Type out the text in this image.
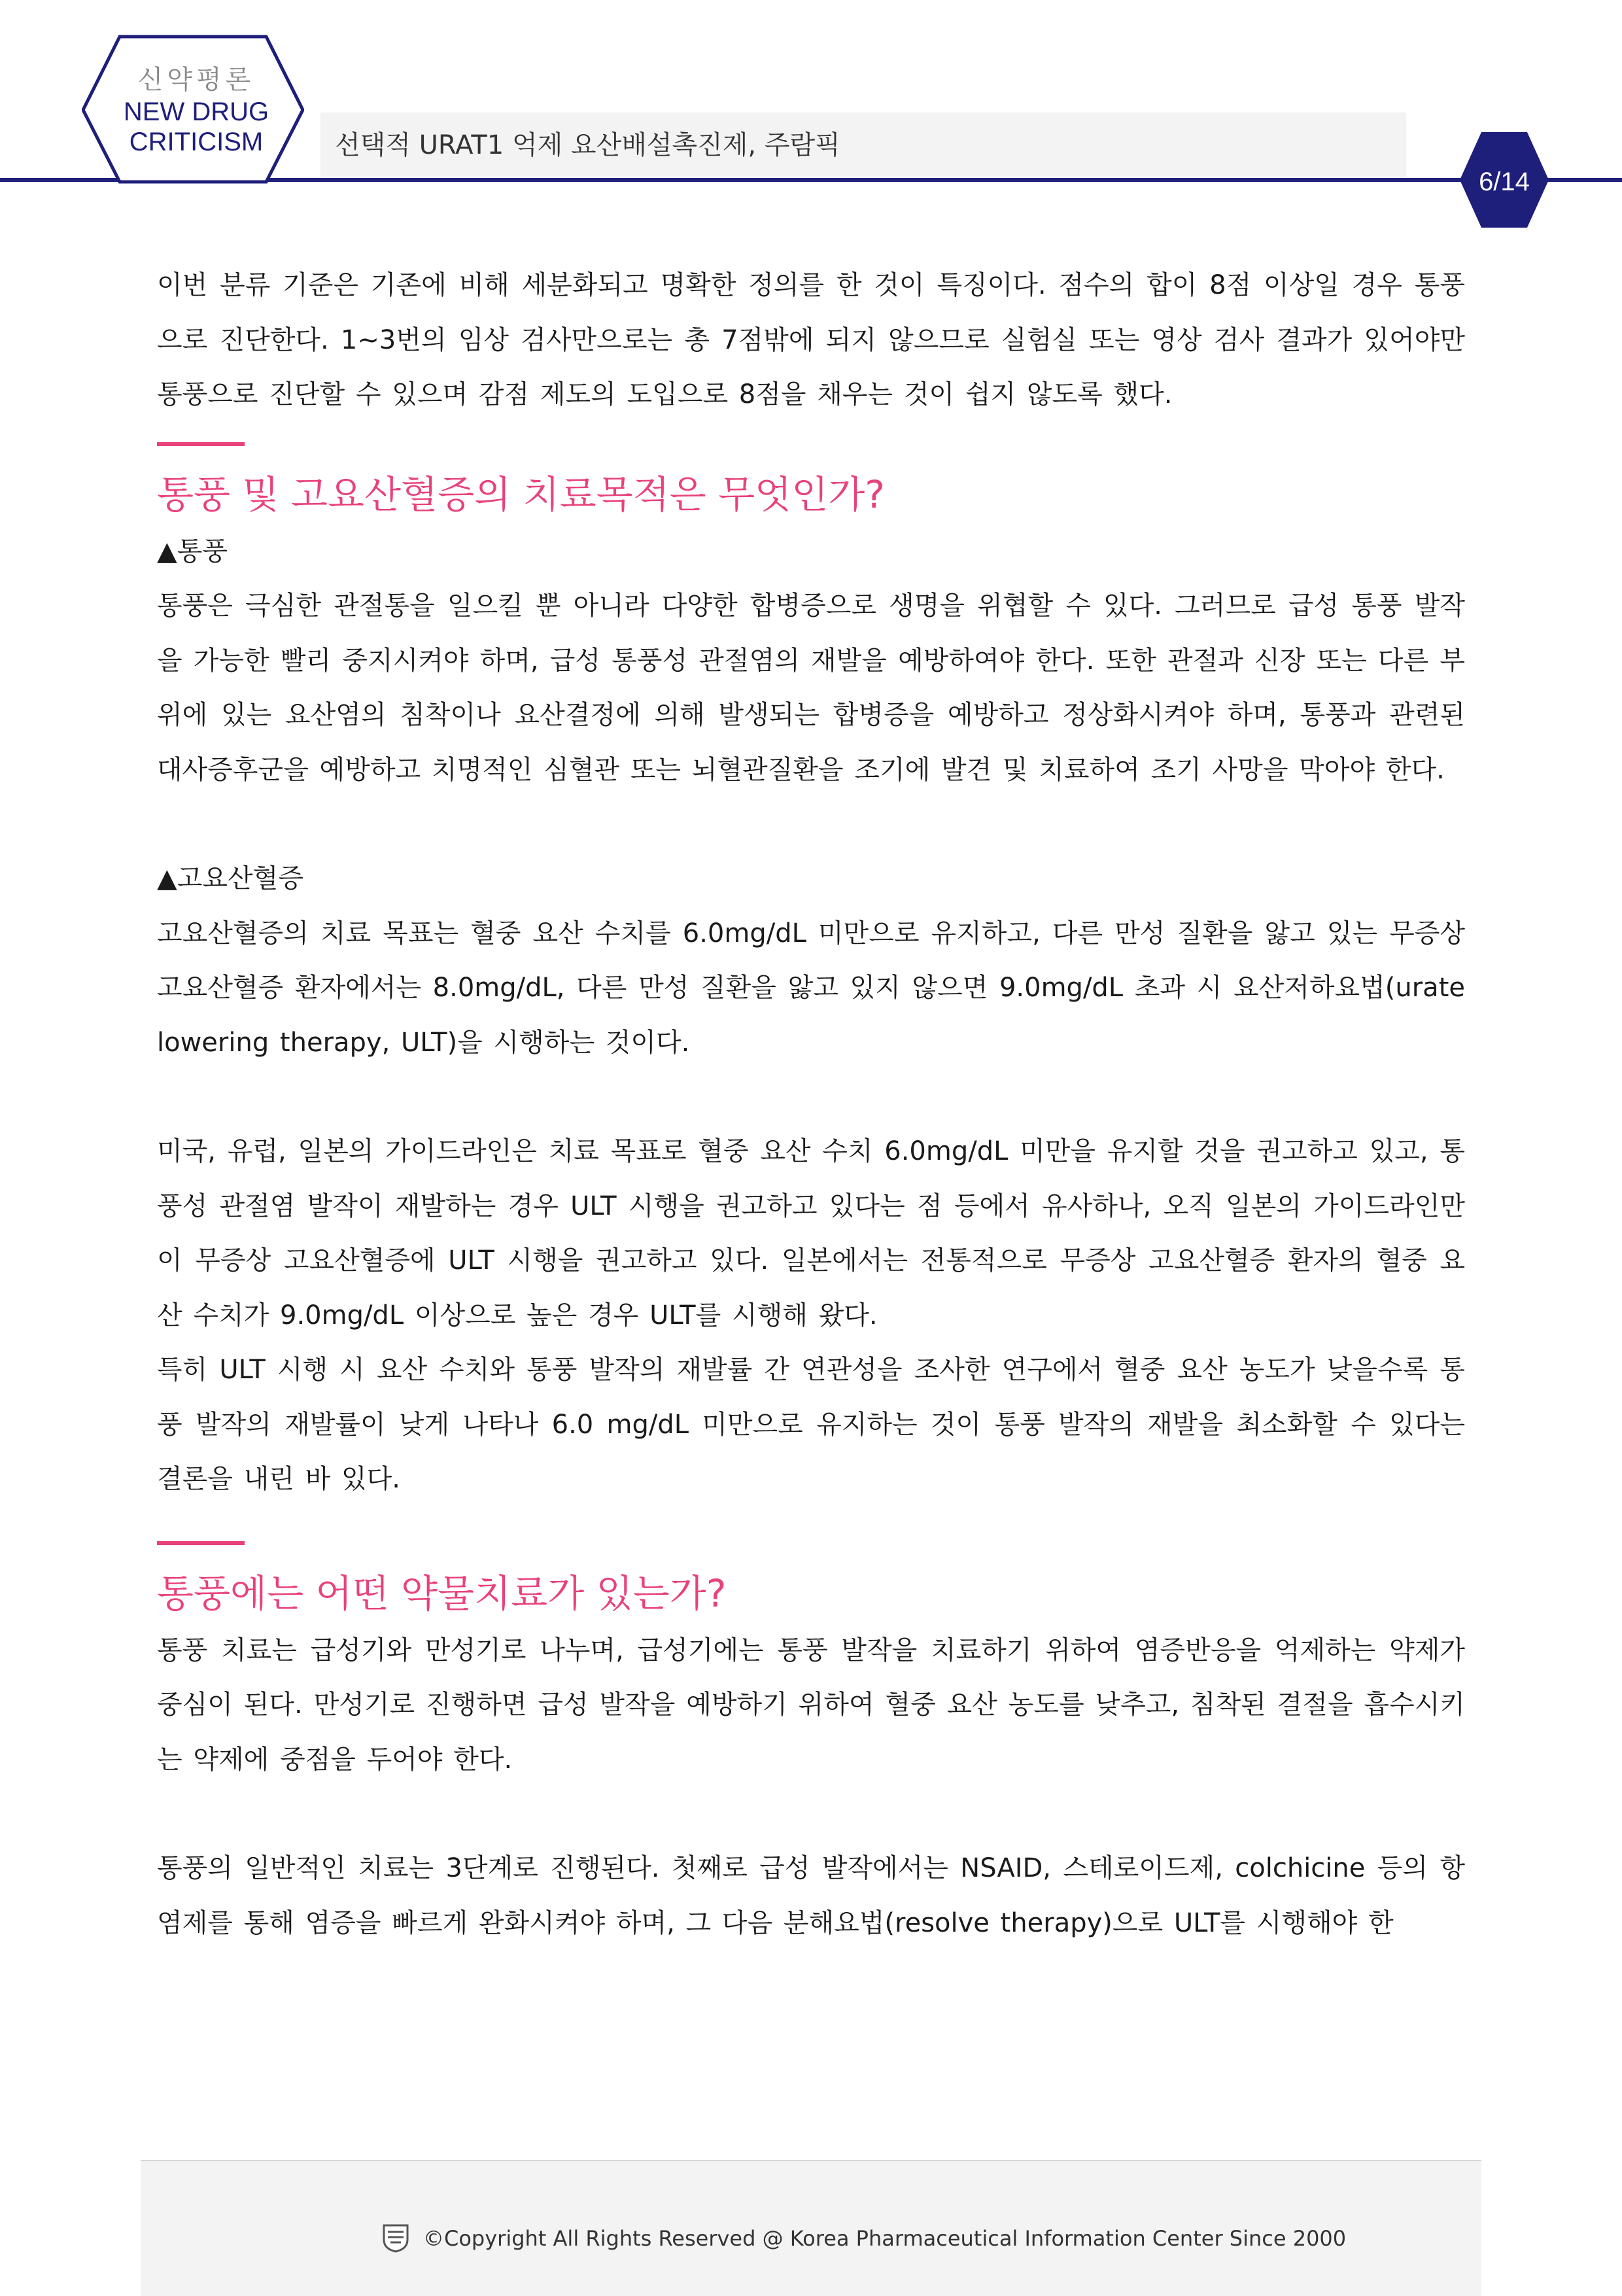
신약평론
NEW DRUG
CRITICISM	선택적 URAT1 억제 요산배설촉진제, 주람픽
6/14

이번 분류 기준은 기존에 비해 세분화되고 명확한 정의를 한 것이 특징이다. 점수의 합이 8점 이상일 경우 통풍으로 진단한다. 1~3번의 임상 검사만으로는 총 7점밖에 되지 않으므로 실험실 또는 영상 검사 결과가 있어야만 통풍으로 진단할 수 있으며 감점 제도의 도입으로 8점을 채우는 것이 쉽지 않도록 했다.

통풍 및 고요산혈증의 치료목적은 무엇인가?

▲통풍

통풍은 극심한 관절통을 일으킬 뿐 아니라 다양한 합병증으로 생명을 위협할 수 있다. 그러므로 급성 통풍 발작을 가능한 빨리 중지시켜야 하며, 급성 통풍성 관절염의 재발을 예방하여야 한다. 또한 관절과 신장 또는 다른 부위에 있는 요산염의 침착이나 요산결정에 의해 발생되는 합병증을 예방하고 정상화시켜야 하며, 통풍과 관련된 대사증후군을 예방하고 치명적인 심혈관 또는 뇌혈관질환을 조기에 발견 및 치료하여 조기 사망을 막아야 한다.

▲고요산혈증

고요산혈증의 치료 목표는 혈중 요산 수치를 6.0mg/dL 미만으로 유지하고, 다른 만성 질환을 앓고 있는 무증상 고요산혈증 환자에서는 8.0mg/dL, 다른 만성 질환을 앓고 있지 않으면 9.0mg/dL 초과 시 요산저하요법(urate lowering therapy, ULT)을 시행하는 것이다.

미국, 유럽, 일본의 가이드라인은 치료 목표로 혈중 요산 수치 6.0mg/dL 미만을 유지할 것을 권고하고 있고, 통풍성 관절염 발작이 재발하는 경우 ULT 시행을 권고하고 있다는 점 등에서 유사하나, 오직 일본의 가이드라인만이 무증상 고요산혈증에 ULT 시행을 권고하고 있다. 일본에서는 전통적으로 무증상 고요산혈증 환자의 혈중 요산 수치가 9.0mg/dL 이상으로 높은 경우 ULT를 시행해 왔다.

특히 ULT 시행 시 요산 수치와 통풍 발작의 재발률 간 연관성을 조사한 연구에서 혈중 요산 농도가 낮을수록 통풍 발작의 재발률이 낮게 나타나 6.0 mg/dL 미만으로 유지하는 것이 통풍 발작의 재발을 최소화할 수 있다는 결론을 내린 바 있다.

통풍에는 어떤 약물치료가 있는가?

통풍 치료는 급성기와 만성기로 나누며, 급성기에는 통풍 발작을 치료하기 위하여 염증반응을 억제하는 약제가 중심이 된다. 만성기로 진행하면 급성 발작을 예방하기 위하여 혈중 요산 농도를 낮추고, 침착된 결절을 흡수시키는 약제에 중점을 두어야 한다.

통풍의 일반적인 치료는 3단계로 진행된다. 첫째로 급성 발작에서는 NSAID, 스테로이드제, colchicine 등의 항염제를 통해 염증을 빠르게 완화시켜야 하며, 그 다음 분해요법(resolve therapy)으로 ULT를 시행해야 한

©Copyright All Rights Reserved @ Korea Pharmaceutical Information Center Since 2000
